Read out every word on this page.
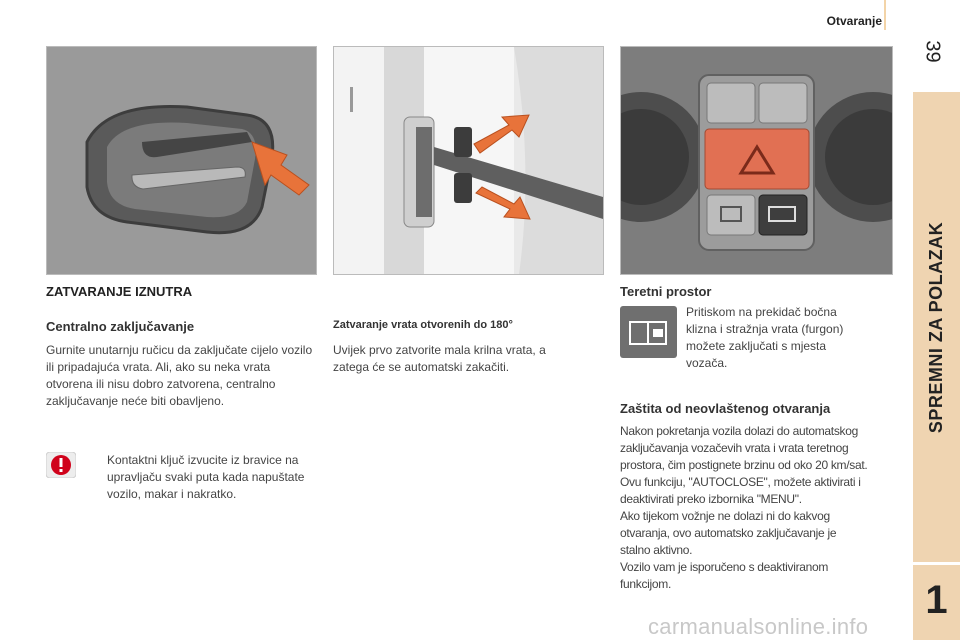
Otvaranje
39
SPREMNI ZA POLAZAK
1
ZATVARANJE IZNUTRA
Centralno zaključavanje
Gurnite unutarnju ručicu da zaključate cijelo vozilo ili pripadajuća vrata. Ali, ako su neka vrata otvorena ili nisu dobro zatvorena, centralno zaključavanje neće biti obavljeno.
Kontaktni ključ izvucite iz bravice na upravljaču svaki puta kada napuštate vozilo, makar i nakratko.
Zatvaranje vrata otvorenih do 180°
Uvijek prvo zatvorite mala krilna vrata, a zatega će se automatski zakačiti.
Teretni prostor
Pritiskom na prekidač bočna klizna i stražnja vrata (furgon) možete zaključati s mjesta vozača.
Zaštita od neovlaštenog otvaranja
Nakon pokretanja vozila dolazi do automatskog
zaključavanja vozačevih vrata i vrata teretnog
prostora, čim postignete brzinu od oko 20 km/sat.
Ovu funkciju, "AUTOCLOSE", možete aktivirati i
deaktivirati preko izbornika "MENU".
Ako tijekom vožnje ne dolazi ni do kakvog
otvaranja, ovo automatsko zaključavanje je
stalno aktivno.
Vozilo vam je isporučeno s deaktiviranom
funkcijom.
carmanualsonline.info
